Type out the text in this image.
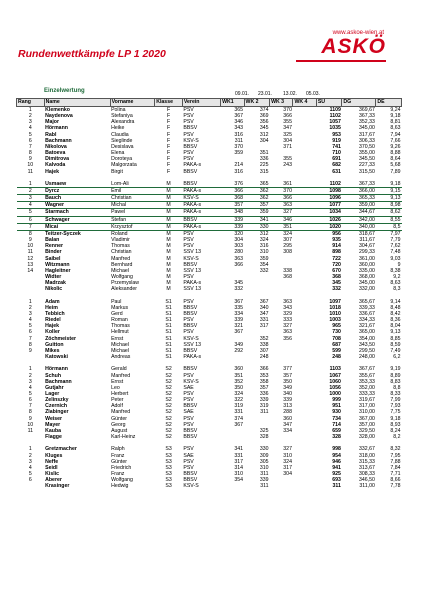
www.askoe-wien.at
ASKÖ
Rundenwettkämpfe LP 1 2020
Einzelwertung	09.01. 23.01. 13.02. 05.03.
Rang	Name	Vorname	Klasse	Verein	WK1	WK 2	WK 3	WK 4	SU	DG	DE
1	Klemenko	Polina	F	PSV	365	374	370		1109	369,67	9,24
2	Naydenova	Stefaniya	F	PSV	367	369	366		1102	367,33	9,18
3	Major	Alexandra	F	PSV	346	356	355		1057	352,33	8,81
4	Hörmann	Heike	F	BBSV	343	345	347		1035	345,00	8,63
5	Rabl	Claudia	F	PSV	316	312	325		953	317,67	7,94
6	Bachmann	Sieglinde	F	KSV-S	311	304	304		919	306,33	7,66
7	Nikolova	Desislava	F	BBSV	370		371		741	370,50	9,26
8	Batoeva	Elena	F	PSV	359	351			710	355,00	8,88
9	Dimitrova	Doroteya	F	PSV		336	355		691	345,50	8,64
10	Kalvoda	Malgorzata	F	PAKA-s	214	225	243		682	227,33	5,68
11	Hajek	Birgit	F	BBSV	316	315			631	315,50	7,89

1	Usmaew	Lom-Ali	M	BBSV	376	365	361		1102	367,33	9,18
2	Dyrcz	Emil	M	PAKA-s	366	362	370		1098	366,00	9,15
3	Bauch	Christian	M	KSV-S	368	362	366		1096	365,33	9,13
4	Wagner	Michal	M	PAKA-s	357	357	363		1077	359,00	8,98
5	Starmach	Pawel	M	PAKA-s	348	359	327		1034	344,67	8,62
6	Schwager	Stefan	M	BBSV	339	341	346		1026	342,00	8,55
7	Micai	Krzysztof	M	PAKA-s	339	330	351		1020	340,00	8,5
8	Teitzer-Syczek	Roland	M	PSV	320	312	324		956	318,67	7,97
9	Balan	Vladimir	M	PSV	304	324	307		935	311,67	7,79
10	Renner	Thomas	M	PSV	303	316	295		914	304,67	7,62
11	Binder	Christian	M	SSV 13	280	310	308		898	299,33	7,48
12	Saibel	Manfred	M	KSV-S	363	359			722	361,00	9,03
13	Witzmann	Bernhard	M	BBSV	366	354			720	360,00	9
14	Hagleitner	Michael	M	SSV 13		332	338		670	335,00	8,38
	Widter	Wolfgang	M	PSV			368		368	368,00	9,2
	Madrzak	Przemyslaw	M	PAKA-s	345				345	345,00	8,63
	Nikolic	Aleksander	M	SSV 13	332				332	332,00	8,3

1	Adam	Paul	S1	PSV	367	367	363		1097	365,67	9,14
2	Heim	Markus	S1	BBSV	335	340	343		1018	339,33	8,48
3	Tebbich	Gerd	S1	BBSV	334	347	329		1010	336,67	8,42
4	Riedel	Roman	S1	PSV	339	331	333		1003	334,33	8,36
5	Hajek	Thomas	S1	BBSV	321	317	327		965	321,67	8,04
6	Koller	Hellmut	S1	PSV	367		363		730	365,00	9,13
7	Zöchmeister	Ernst	S1	KSV-S		352	356		708	354,00	8,85
8	Guitton	Michael	S1	SSV 13	349	338			687	343,50	8,59
9	Mikes	Michael	S1	BBSV	292	307			599	299,50	7,49
	Katowski	Andreas	S1	PAKA-s		248			248	248,00	6,2

1	Hörmann	Gerald	S2	BBSV	360	366	377		1103	367,67	9,19
2	Schuh	Manfred	S2	PSV	351	353	357		1067	355,67	8,89
3	Bachmann	Ernst	S2	KSV-S	352	358	350		1060	353,33	8,83
4	Gutjahr	Leo	S2	SAE	350	357	349		1056	352,00	8,8
5	Lager	Herbert	S2	PSV	324	336	340		1000	333,33	8,33
6	Zelinszky	Peter	S2	PSV	322	339	339		999	319,67	7,99
7	Czernich	Adolf	S2	BBSV	319	319	313		951	317,00	7,93
8	Zlabinger	Manfred	S2	SAE	331	311	288		930	310,00	7,75
9	Weiser	Günter	S2	PSV	374		360		734	367,00	9,18
10	Mayer	Georg	S2	PSV	367		347		714	357,00	8,93
11	Kauba	August	S2	BBSV		325	334		659	329,50	8,24
	Flagge	Karl-Heinz	S2	BBSV		328			328	328,00	8,2

1	Gretzmacher	Ralph	S3	PSV	341	330	327		998	332,67	8,32
2	Kluges	Franz	S3	SAE	331	309	310		954	318,00	7,95
3	Neffe	Günter	S3	PSV	317	305	324		946	315,33	7,88
4	Seidl	Friedrich	S3	PSV	314	310	317		941	313,67	7,84
5	Kislic	Franz	S3	BBSV	310	311	304		925	308,33	7,71
6	Aberer	Wolfgang	S3	BBSV	354	339			693	346,50	8,66
	Krasinger	Hedwig	S3	KSV-S		311			311	311,00	7,78
